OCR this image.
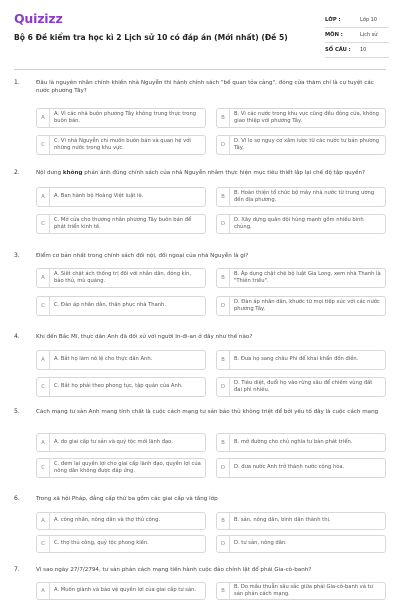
Quizizz
Bộ 6 Đề kiểm tra học kì 2 Lịch sử 10 có đáp án (Mới nhất) (Đề 5)
LỚP :	Lớp 10
MÔN :	Lịch sử
SỐ CÂU :	10
1.	Đâu là nguyên nhân chính khiến nhà Nguyễn thi hành chính sách "bế quan tỏa cảng", đóng cửa thăm chí là cự tuyệt các nước phương Tây?
A
A. Vì các nhà buôn phương Tây không trung thực trong buôn bán.	B
B. Vì các nước trong khu vực cũng đều đóng cửa, không giao thiệp với phương Tây.
C
C. Vì nhà Nguyễn chỉ muốn buôn bán và quan hệ với những nước trong khu vực.	D
D. Vì lo sợ nguy cơ xâm lược từ các nước tư bản phương Tây.
2.	Nội dung không phản ánh đúng chính sách của nhà Nguyễn nhằm thực hiện mục tiêu thiết lập lại chế độ tập quyền?
A	A. Ban hành bộ Hoàng Việt luật lệ.	B
B. Hoàn thiện tổ chức bộ máy nhà nước từ trung ương đến địa phương.
C
C. Mở cửa cho thương nhân phương Tây buôn bán để phát triển kinh tế.	D
D. Xây dựng quân đội hùng mạnh gồm nhiều binh chủng.
3.	Điểm cơ bản nhất trong chính sách đối nội, đối ngoại của nhà Nguyễn là gì?
A
A. Siết chặt ách thống trị đối với nhân dân, đóng kín, bảo thủ, mù quáng.	B
B. Áp dụng chặt chẽ bộ luật Gia Long, xem nhà Thanh là "Thiên triều".
C	C. Đàn áp nhân dân, thân phục nhà Thanh.	D
D. Đàn áp nhân dân, khước từ mọi tiếp xúc với các nước phương Tây.
4.	Khi đến Bắc Mĩ, thực dân Anh đã đối xử với người In-đi-an ở đây như thế nào?
A	A. Bắt họ làm nô lệ cho thực dân Anh.	B	B. Đưa họ sang châu Phi để khai khẩn đồn điền.
C	C. Bắt họ phải theo phong tục, tập quán của Anh.	D
D. Tiêu diệt, đuổi họ vào rừng sâu để chiếm vùng đất đai phì nhiêu.
5.	Cách mạng tư sản Anh mang tính chất là cuộc cách mạng tư sản bảo thủ không triệt để bởi yếu tố đây là cuộc cách mạng
A	A. do giai cấp tư sản và quý tộc mới lãnh đạo.	B	B. mở đường cho chủ nghĩa tư bản phát triển.
C
C. đem lại quyền lợi cho giai cấp lãnh đạo, quyền lợi của nông dân không được đáp ứng.	D	D. đưa nước Anh trở thành nước cộng hòa.
6.	Trong xã hội Pháp, đẳng cấp thứ ba gồm các giai cấp và tầng lớp
A	A. công nhân, nông dân và thợ thủ công.	B	B. sản, nông dân, bình dân thành thị.
C	C. thợ thủ công, quý tộc phong kiến.	D	D. tư sản, nông dân.
7.	Vì sao ngày 27/7/2794, tư sản phản cách mạng tiến hành cuộc đảo chính lật đổ phái Gia-cô-banh?
A	A. Muốn giành và bảo vệ quyền lợi của giai cấp tư sản.	B
B. Do mâu thuẫn sâu sắc giữa phái Gia-cô-banh và tư sản phản cách mạng.
